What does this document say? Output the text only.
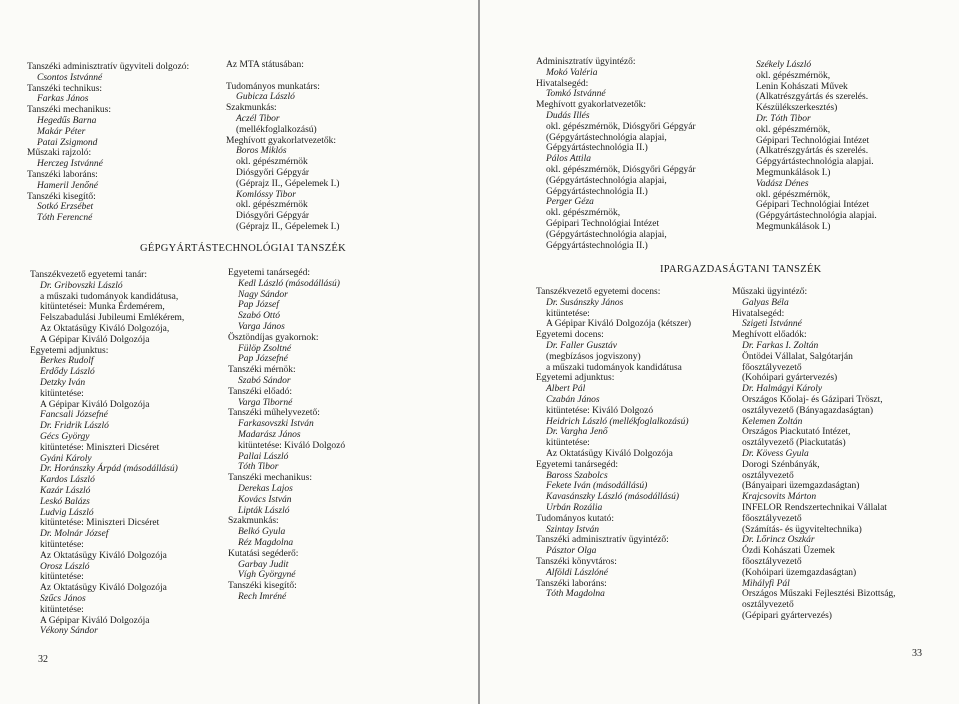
Tanszéki adminisztratív ügyviteli dolgozó:
Csontos Istvánné
Tanszéki technikus:
Farkas János
Tanszéki mechanikus:
Hegedűs Barna
Makár Péter
Patai Zsigmond
Műszaki rajzoló:
Herczeg Istvánné
Tanszéki laboráns:
Hameril Jenőné
Tanszéki kisegítő:
Sotkó Erzsébet
Tóth Ferencné
Az MTA státusában:
Tudományos munkatárs:
Gubicza László
Szakmunkás:
Aczél Tibor
(mellékfoglalkozású)
Meghívott gyakorlatvezetők:
Boros Miklós
okl. gépészmérnök
Diósgyőri Gépgyár
(Géprajz II., Gépelemek I.)
Komlóssy Tibor
okl. gépészmérnök
Diósgyőri Gépgyár
(Géprajz II., Gépelemek I.)
GÉPGYÁRTÁSTECHNOLÓGIAI TANSZÉK
Tanszékvezető egyetemi tanár:
Dr. Gribovszki László
a műszaki tudományok kandidátusa,
kitüntetései: Munka Érdemérem,
Felszabadulási Jubileumi Emlékérem,
Az Oktatásügy Kiváló Dolgozója,
A Gépipar Kiváló Dolgozója
Egyetemi adjunktus:
Berkes Rudolf
Erdődy László
Detzky Iván
kitüntetése:
A Gépipar Kiváló Dolgozója
Fancsali Józsefné
Dr. Fridrik László
Gécs György
kitüntetése: Miniszteri Dicséret
Gyáni Károly
Dr. Horánszky Árpád (másodállású)
Kardos László
Kazár László
Leskó Balázs
Ludvig László
kitüntetése: Miniszteri Dicséret
Dr. Molnár József
kitüntetése:
Az Oktatásügy Kiváló Dolgozója
Orosz László
kitüntetése:
Az Oktatásügy Kiváló Dolgozója
Szűcs János
kitüntetése:
A Gépipar Kiváló Dolgozója
Vékony Sándor
Egyetemi tanársegéd:
Kedl László (másodállású)
Nagy Sándor
Pap József
Szabó Ottó
Varga János
Ösztöndíjas gyakornok:
Fülöp Zsoltné
Pap Józsefné
Tanszéki mérnök:
Szabó Sándor
Tanszéki előadó:
Varga Tiborné
Tanszéki műhelyvezető:
Farkasovszki István
Madarász János
kitüntetése: Kiváló Dolgozó
Pallai László
Tóth Tibor
Tanszéki mechanikus:
Derekas Lajos
Kovács István
Lipták László
Szakmunkás:
Belkó Gyula
Réz Magdolna
Kutatási segéderő:
Garbay Judit
Vígh Györgyné
Tanszéki kisegítő:
Rech Imréné
32
Adminisztratív ügyintéző:
Mokó Valéria
Hivatalsegéd:
Tomkó Istvánné
Meghívott gyakorlatvezetők:
Dudás Illés
okl. gépészmérnök, Diósgyőri Gépgyár
(Gépgyártástechnológia alapjai,
Gépgyártástechnológia II.)
Pálos Attila
okl. gépészmérnök, Diósgyőri Gépgyár
(Gépgyártástechnológia alapjai,
Gépgyártástechnológia II.)
Perger Géza
okl. gépészmérnök,
Gépipari Technológiai Intézet
(Gépgyártástechnológia alapjai,
Gépgyártástechnológia II.)
Székely László
okl. gépészmérnök,
Lenin Kohászati Művek
(Alkatrészgyártás és szerelés.
Készülékszerkesztés)
Dr. Tóth Tibor
okl. gépészmérnök,
Gépipari Technológiai Intézet
(Alkatrészgyártás és szerelés.
Gépgyártástechnológia alapjai.
Megmunkálások I.)
Vadász Dénes
okl. gépészmérnök,
Gépipari Technológiai Intézet
(Gépgyártástechnológia alapjai.
Megmunkálások I.)
IPARGAZDASÁGTANI TANSZÉK
Tanszékvezető egyetemi docens:
Dr. Susánszky János
kitüntetése:
A Gépipar Kiváló Dolgozója (kétszer)
Egyetemi docens:
Dr. Faller Gusztáv
(megbízásos jogviszony)
a műszaki tudományok kandidátusa
Egyetemi adjunktus:
Albert Pál
Czabán János
kitüntetése: Kiváló Dolgozó
Heidrich László (mellékfoglalkozású)
Dr. Vargha Jenő
kitüntetése:
Az Oktatásügy Kiváló Dolgozója
Egyetemi tanársegéd:
Baross Szabolcs
Fekete Iván (másodállású)
Kavasánszky László (másodállású)
Urbán Rozália
Tudományos kutató:
Szintay István
Tanszéki adminisztratív ügyintéző:
Pásztor Olga
Tanszéki könyvtáros:
Alföldi Lászlóné
Tanszéki laboráns:
Tóth Magdolna
Műszaki ügyintéző:
Galyas Béla
Hivatalsegéd:
Szigeti Istvánné
Meghívott előadók:
Dr. Farkas I. Zoltán
Öntödei Vállalat, Salgótarján
főosztályvezető
(Kohóipari gyártervezés)
Dr. Halmágyi Károly
Országos Kőolaj- és Gázipari Tröszt,
osztályvezető (Bányagazdaságtan)
Kelemen Zoltán
Országos Piackutató Intézet,
osztályvezető (Piackutatás)
Dr. Kövess Gyula
Dorogi Szénbányák,
osztályvezető
(Bányaipari üzemgazdaságtan)
Krajcsovits Márton
INFELOR Rendszertechnikai Vállalat
főosztályvezető
(Számítás- és ügyviteltechnika)
Dr. Lőrincz Oszkár
Ózdi Kohászati Üzemek
főosztályvezető
(Kohóipari üzemgazdaságtan)
Mihályfi Pál
Országos Műszaki Fejlesztési Bizottság,
osztályvezető
(Gépipari gyártervezés)
33
